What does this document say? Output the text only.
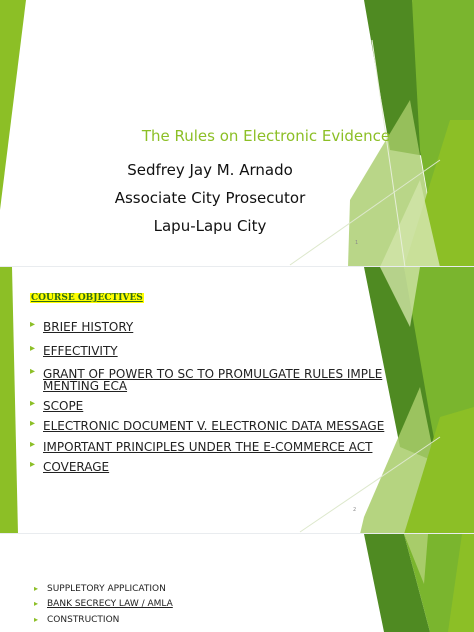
The Rules on Electronic Evidence
Sedfrey Jay M. Arnado
Associate City Prosecutor
Lapu-Lapu City
1
COURSE OBJECTIVES
▸ BRIEF HISTORY
▸ EFFECTIVITY
▸ GRANT OF POWER TO SC TO PROMULGATE RULES IMPLE MENTING ECA
▸ SCOPE
▸ ELECTRONIC DOCUMENT V. ELECTRONIC DATA MESSAGE
▸ IMPORTANT PRINCIPLES UNDER THE E-COMMERCE ACT
▸ COVERAGE
2
▸ SUPPLETORY APPLICATION
▸ BANK SECRECY LAW / AMLA
▸ CONSTRUCTION
